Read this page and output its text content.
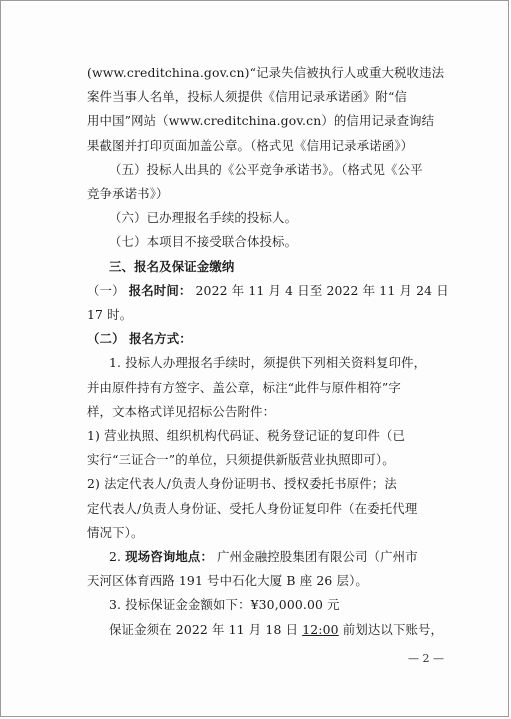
(www.creditchina.gov.cn)“记录失信被执行人或重大税收违法
案件当事人名单，投标人须提供《信用记录承诺函》附“信
用中国”网站（www.creditchina.gov.cn）的信用记录查询结
果截图并打印页面加盖公章。（格式见《信用记录承诺函》）
（五）投标人出具的《公平竞争承诺书》。（格式见《公平
竞争承诺书》）
（六）已办理报名手续的投标人。
（七）本项目不接受联合体投标。
三、报名及保证金缴纳
（一） 报名时间： 2022 年 11 月 4 日至 2022 年 11 月 24 日
17 时。
（二） 报名方式：
1. 投标人办理报名手续时，须提供下列相关资料复印件，
并由原件持有方签字、盖公章，标注“此件与原件相符”字
样，文本格式详见招标公告附件：
1) 营业执照、组织机构代码证、税务登记证的复印件（已
实行“三证合一”的单位，只须提供新版营业执照即可）。
2) 法定代表人/负责人身份证明书、授权委托书原件；法
定代表人/负责人身份证、受托人身份证复印件（在委托代理
情况下）。
2. 现场咨询地点： 广州金融控股集团有限公司（广州市
天河区体育西路 191 号中石化大厦 B 座 26 层）。
3. 投标保证金金额如下：¥30,000.00 元
保证金须在 2022 年 11 月 18 日 12:00 前划达以下账号，
— 2 —
